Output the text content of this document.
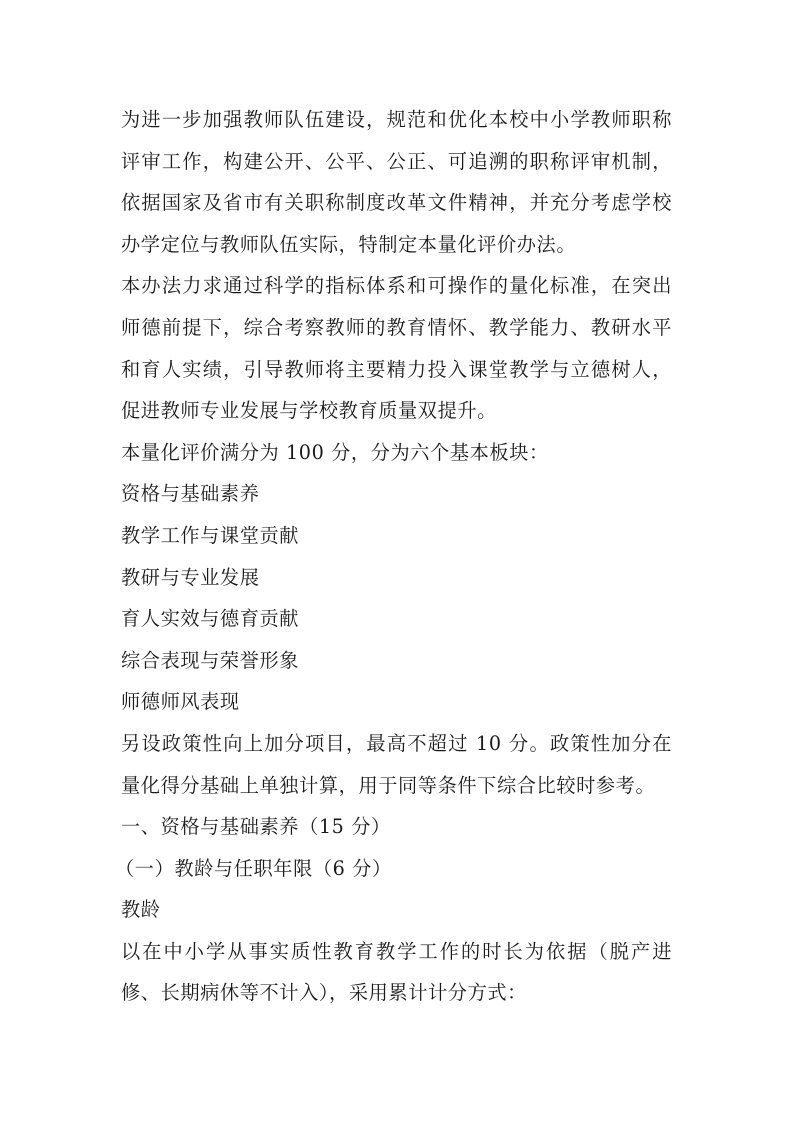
为进一步加强教师队伍建设，规范和优化本校中小学教师职称评审工作，构建公开、公平、公正、可追溯的职称评审机制，依据国家及省市有关职称制度改革文件精神，并充分考虑学校办学定位与教师队伍实际，特制定本量化评价办法。

本办法力求通过科学的指标体系和可操作的量化标准，在突出师德前提下，综合考察教师的教育情怀、教学能力、教研水平和育人实绩，引导教师将主要精力投入课堂教学与立德树人，促进教师专业发展与学校教育质量双提升。

本量化评价满分为 100 分，分为六个基本板块：

资格与基础素养

教学工作与课堂贡献

教研与专业发展

育人实效与德育贡献

综合表现与荣誉形象

师德师风表现

另设政策性向上加分项目，最高不超过 10 分。政策性加分在量化得分基础上单独计算，用于同等条件下综合比较时参考。

一、资格与基础素养（15 分）

（一）教龄与任职年限（6 分）

教龄

以在中小学从事实质性教育教学工作的时长为依据（脱产进修、长期病休等不计入），采用累计计分方式：
